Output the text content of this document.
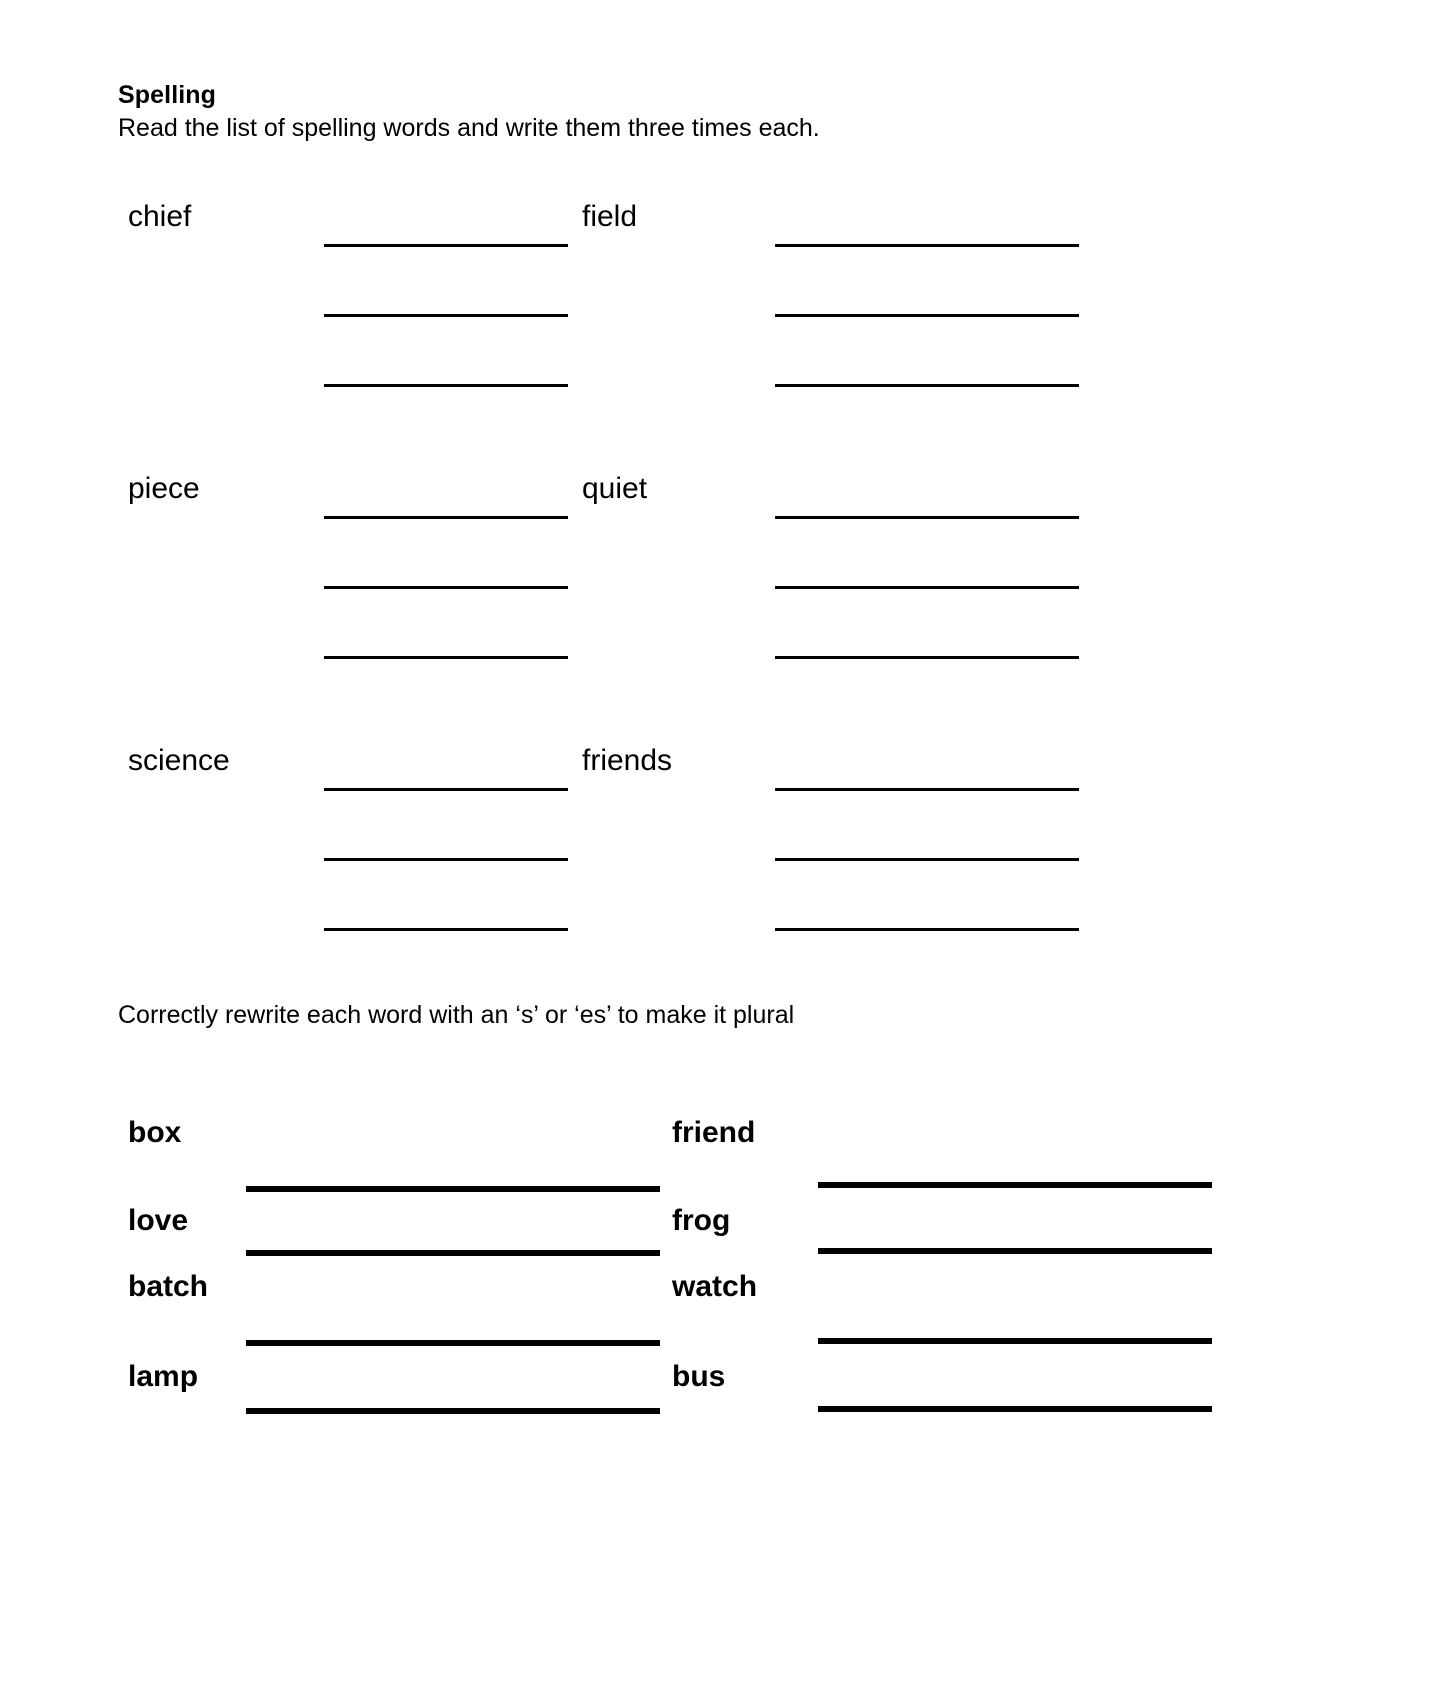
Spelling
Read the list of spelling words and write them three times each.
chief	field
piece	quiet
science	friends
Correctly rewrite each word with an ‘s’ or ‘es’ to make it plural
box	friend
love	frog
batch	watch
lamp	bus
